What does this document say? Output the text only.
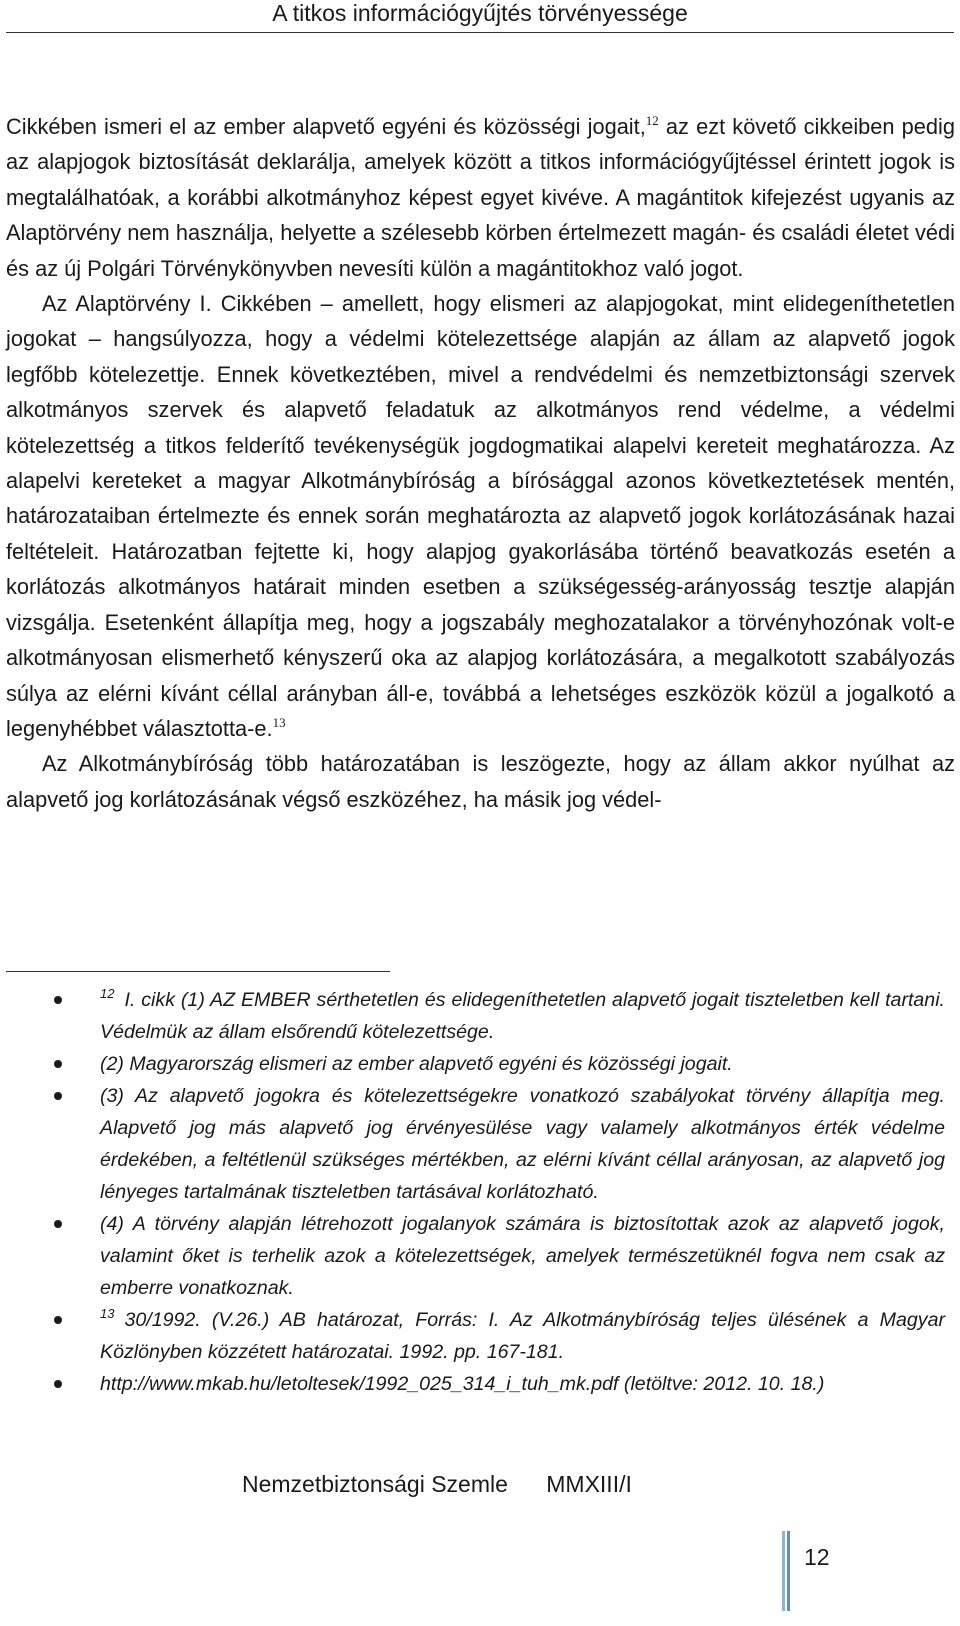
A titkos információgyűjtés törvényessége

Cikkében ismeri el az ember alapvető egyéni és közösségi jogait,$^{12}$ az ezt követő cikkeiben pedig az alapjogok biztosítását deklarálja, amelyek között a titkos információgyűjtéssel érintett jogok is megtalálhatóak, a korábbi alkotmányhoz képest egyet kivéve. A magántitok kifejezést ugyanis az Alaptörvény nem használja, helyette a szélesebb körben értelmezett magán- és családi életet védi és az új Polgári Törvénykönyvben nevesíti külön a magántitokhoz való jogot.

Az Alaptörvény I. Cikkében – amellett, hogy elismeri az alapjogokat, mint elidegeníthetetlen jogokat – hangsúlyozza, hogy a védelmi kötelezettsége alapján az állam az alapvető jogok legfőbb kötelezettje. Ennek következtében, mivel a rendvédelmi és nemzetbiztonsági szervek alkotmányos szervek és alapvető feladatuk az alkotmányos rend védelme, a védelmi kötelezettség a titkos felderítő tevékenységük jogdogmatikai alapelvi kereteit meghatározza. Az alapelvi kereteket a magyar Alkotmánybíróság a bírósággal azonos következtetések mentén, határozataiban értelmezte és ennek során meghatározta az alapvető jogok korlátozásának hazai feltételeit. Határozatban fejtette ki, hogy alapjog gyakorlásába történő beavatkozás esetén a korlátozás alkotmányos határait minden esetben a szükségesség-arányosság tesztje alapján vizsgálja. Esetenként állapítja meg, hogy a jogszabály meghozatalakor a törvényhozónak volt-e alkotmányosan elismerhető kényszerű oka az alapjog korlátozására, a megalkotott szabályozás súlya az elérni kívánt céllal arányban áll-e, továbbá a lehetséges eszközök közül a jogalkotó a legenyhébbet választotta-e.$^{13}$

Az Alkotmánybíróság több határozatában is leszögezte, hogy az állam akkor nyúlhat az alapvető jog korlátozásának végső eszközéhez, ha másik jog védel-

$^{12}$ I. cikk (1) AZ EMBER sérthetetlen és elidegeníthetetlen alapvető jogait tiszteletben kell tartani. Védelmük az állam elsőrendű kötelezettsége.
(2) Magyarország elismeri az ember alapvető egyéni és közösségi jogait.
(3) Az alapvető jogokra és kötelezettségekre vonatkozó szabályokat törvény állapítja meg. Alapvető jog más alapvető jog érvényesülése vagy valamely alkotmányos érték védelme érdekében, a feltétlenül szükséges mértékben, az elérni kívánt céllal arányosan, az alapvető jog lényeges tartalmának tiszteletben tartásával korlátozható.
(4) A törvény alapján létrehozott jogalanyok számára is biztosítottak azok az alapvető jogok, valamint őket is terhelik azok a kötelezettségek, amelyek természetüknél fogva nem csak az emberre vonatkoznak.
$^{13}$ 30/1992. (V.26.) AB határozat, Forrás: I. Az Alkotmánybíróság teljes ülésének a Magyar Közlönyben közzétett határozatai. 1992. pp. 167-181.
http://www.mkab.hu/letoltesek/1992_025_314_i_tuh_mk.pdf (letöltve: 2012. 10. 18.)
Nemzetbiztonsági Szemle MMXIII/I
12
